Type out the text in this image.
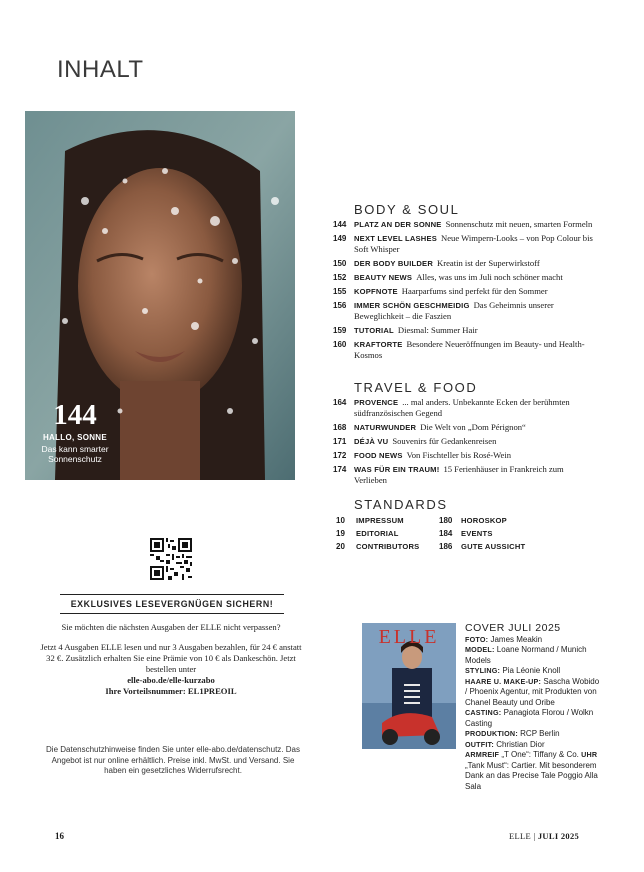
INHALT
144
HALLO, SONNE
Das kann smarter Sonnenschutz
BODY & SOUL
144	PLATZ AN DER SONNE Sonnenschutz mit neuen, smarten Formeln
149	NEXT LEVEL LASHES Neue Wimpern-Looks – von Pop Colour bis Soft Whisper
150	DER BODY BUILDER Kreatin ist der Superwirkstoff
152	BEAUTY NEWS Alles, was uns im Juli noch schöner macht
155	KOPFNOTE Haarparfums sind perfekt für den Sommer
156	IMMER SCHÖN GESCHMEIDIG Das Geheimnis unserer Beweglichkeit – die Faszien
159	TUTORIAL Diesmal: Summer Hair
160	KRAFTORTE Besondere Neueröffnungen im Beauty- und Health-Kosmos
TRAVEL & FOOD
164	PROVENCE ... mal anders. Unbekannte Ecken der berühmten südfranzösischen Gegend
168	NATURWUNDER Die Welt von „Dom Pérignon“
171	DÉJÀ VU Souvenirs für Gedankenreisen
172	FOOD NEWS Von Fischteller bis Rosé-Wein
174	WAS FÜR EIN TRAUM! 15 Ferienhäuser in Frankreich zum Verlieben
STANDARDS
10	IMPRESSUM
19	EDITORIAL
20	CONTRIBUTORS
180	HOROSKOP
184	EVENTS
186	GUTE AUSSICHT
EXKLUSIVES LESEVERGNÜGEN SICHERN!

Sie möchten die nächsten Ausgaben der ELLE nicht verpassen?

Jetzt 4 Ausgaben ELLE lesen und nur 3 Ausgaben bezahlen, für 24 € anstatt 32 €. Zusätzlich erhalten Sie eine Prämie von 10 € als Dankeschön. Jetzt bestellen unter

elle-abo.de/elle-kurzabo
Ihre Vorteilsnummer: EL1PREOIL
Die Datenschutzhinweise finden Sie unter elle-abo.de/datenschutz. Das Angebot ist nur online erhältlich. Preise inkl. MwSt. und Versand. Sie haben ein gesetzliches Widerrufsrecht.
ELLE COVER JULI 2025
FOTO: James Meakin
MODEL: Loane Normand / Munich Models
STYLING: Pia Léonie Knoll
HAARE U. MAKE-UP: Sascha Wobido / Phoenix Agentur, mit Produkten von Chanel Beauty und Oribe
CASTING: Panagiota Florou / Wolkn Casting
PRODUKTION: RCP Berlin
OUTFIT: Christian Dior
ARMREIF „T One“: Tiffany & Co. UHR „Tank Must“: Cartier. Mit besonderem Dank an das Precise Tale Poggio Alla Sala
16	ELLE | JULI 2025
